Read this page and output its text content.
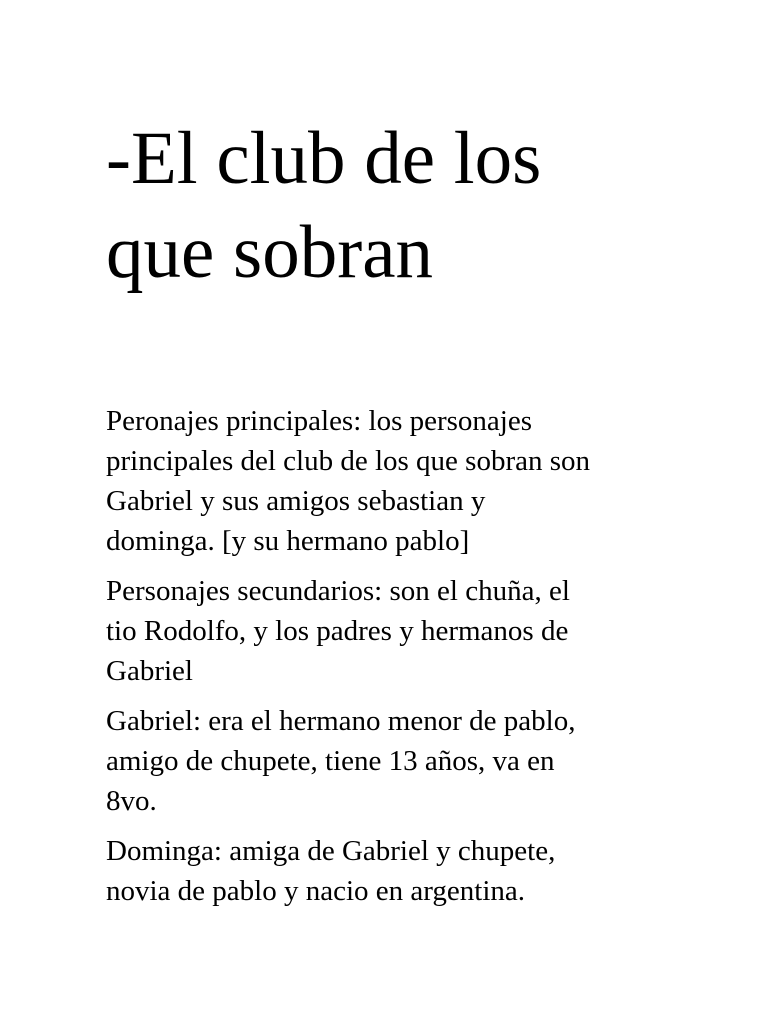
-El club de los
que sobran

Peronajes principales: los personajes
principales del club de los que sobran son
Gabriel y sus amigos sebastian y
dominga. [y su hermano pablo]

Personajes secundarios: son el chuña, el
tio Rodolfo, y los padres y hermanos de
Gabriel

Gabriel: era el hermano menor de pablo,
amigo de chupete, tiene 13 años, va en
8vo.

Dominga: amiga de Gabriel y chupete,
novia de pablo y nacio en argentina.
